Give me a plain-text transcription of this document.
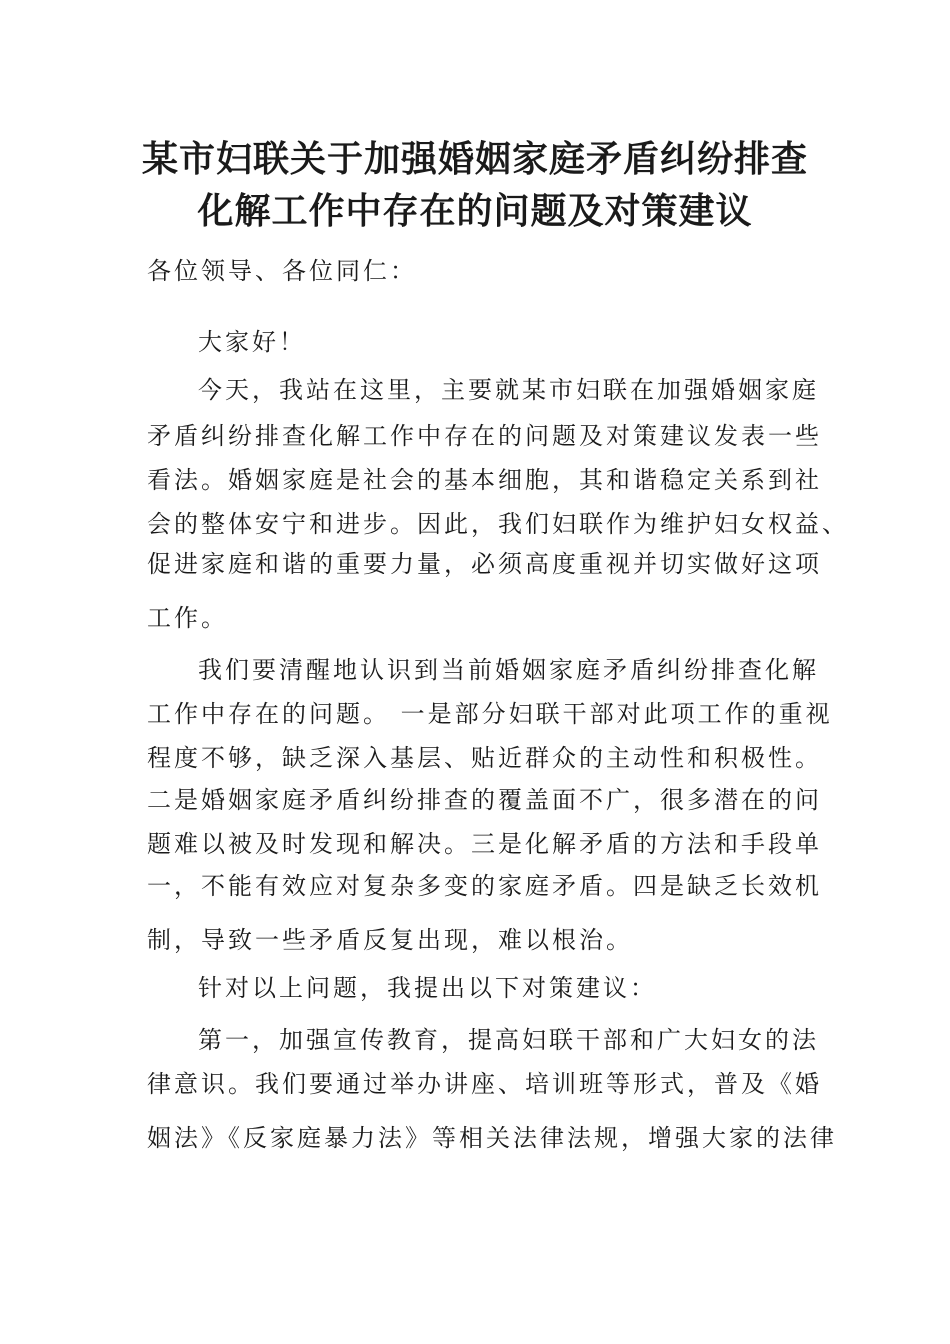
某市妇联关于加强婚姻家庭矛盾纠纷排查
化解工作中存在的问题及对策建议

各位领导、各位同仁：

大家好！

今天，我站在这里，主要就某市妇联在加强婚姻家庭

矛盾纠纷排查化解工作中存在的问题及对策建议发表一些

看法。婚姻家庭是社会的基本细胞，其和谐稳定关系到社

会的整体安宁和进步。因此，我们妇联作为维护妇女权益、

促进家庭和谐的重要力量，必须高度重视并切实做好这项

工作。

我们要清醒地认识到当前婚姻家庭矛盾纠纷排查化解

工作中存在的问题。 一是部分妇联干部对此项工作的重视

程度不够，缺乏深入基层、贴近群众的主动性和积极性。

二是婚姻家庭矛盾纠纷排查的覆盖面不广，很多潜在的问

题难以被及时发现和解决。三是化解矛盾的方法和手段单

一，不能有效应对复杂多变的家庭矛盾。四是缺乏长效机

制，导致一些矛盾反复出现，难以根治。

针对以上问题，我提出以下对策建议：

第一，加强宣传教育，提高妇联干部和广大妇女的法

律意识。我们要通过举办讲座、培训班等形式，普及《婚

姻法》《反家庭暴力法》等相关法律法规，增强大家的法律
